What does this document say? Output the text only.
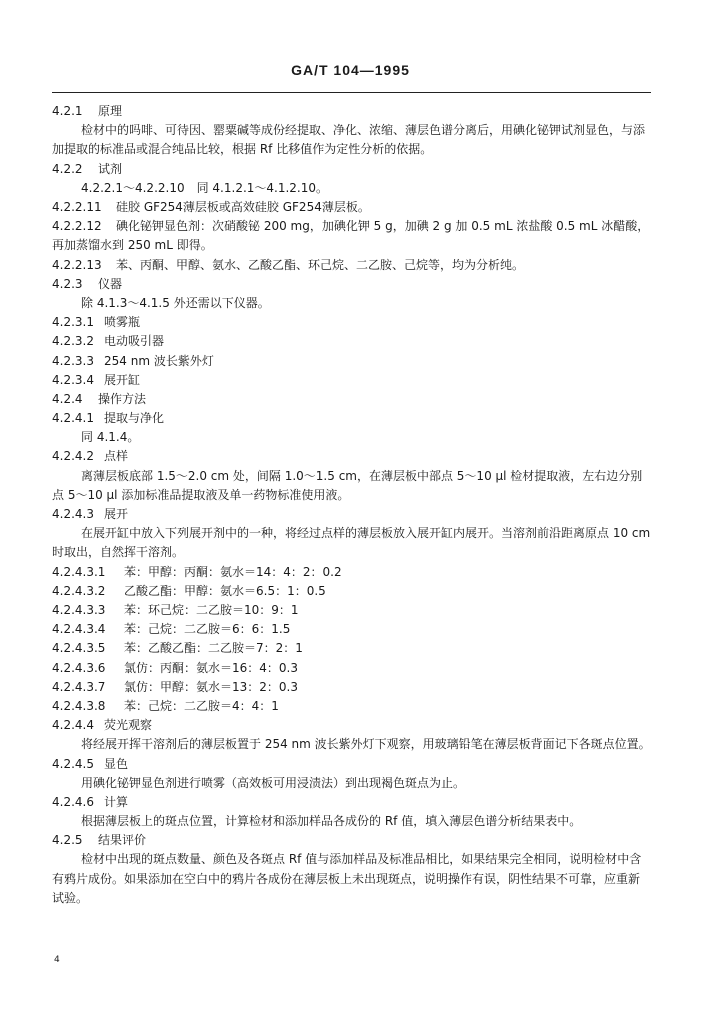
GA/T 104—1995
4.2.1 原理
检材中的吗啡、可待因、罂粟碱等成份经提取、净化、浓缩、薄层色谱分离后，用碘化铋钾试剂显色，与添加提取的标准品或混合纯品比较，根据 Rf 比移值作为定性分析的依据。
4.2.2 试剂
4.2.2.1～4.2.2.10　同 4.1.2.1～4.1.2.10。
4.2.2.11 硅胶 GF254薄层板或高效硅胶 GF254薄层板。
4.2.2.12 碘化铋钾显色剂：次硝酸铋 200 mg，加碘化钾 5 g，加碘 2 g 加 0.5 mL 浓盐酸 0.5 mL 冰醋酸，再加蒸馏水到 250 mL 即得。
4.2.2.13 苯、丙酮、甲醇、氨水、乙酸乙酯、环己烷、二乙胺、己烷等，均为分析纯。
4.2.3 仪器
除 4.1.3～4.1.5 外还需以下仪器。
4.2.3.1 喷雾瓶
4.2.3.2 电动吸引器
4.2.3.3 254 nm 波长紫外灯
4.2.3.4 展开缸
4.2.4 操作方法
4.2.4.1 提取与净化
同 4.1.4。
4.2.4.2 点样
离薄层板底部 1.5～2.0 cm 处，间隔 1.0～1.5 cm，在薄层板中部点 5～10 μl 检材提取液，左右边分别点 5～10 μl 添加标准品提取液及单一药物标准使用液。
4.2.4.3 展开
在展开缸中放入下列展开剂中的一种，将经过点样的薄层板放入展开缸内展开。当溶剂前沿距离原点 10 cm 时取出，自然挥干溶剂。
4.2.4.3.1 苯：甲醇：丙酮：氨水＝14：4：2：0.2
4.2.4.3.2 乙酸乙酯：甲醇：氨水＝6.5：1：0.5
4.2.4.3.3 苯：环己烷：二乙胺＝10：9：1
4.2.4.3.4 苯：己烷：二乙胺＝6：6：1.5
4.2.4.3.5 苯：乙酸乙酯：二乙胺＝7：2：1
4.2.4.3.6 氯仿：丙酮：氨水＝16：4：0.3
4.2.4.3.7 氯仿：甲醇：氨水＝13：2：0.3
4.2.4.3.8 苯：己烷：二乙胺＝4：4：1
4.2.4.4 荧光观察
将经展开挥干溶剂后的薄层板置于 254 nm 波长紫外灯下观察，用玻璃铅笔在薄层板背面记下各斑点位置。
4.2.4.5 显色
用碘化铋钾显色剂进行喷雾（高效板可用浸渍法）到出现褐色斑点为止。
4.2.4.6 计算
根据薄层板上的斑点位置，计算检材和添加样品各成份的 Rf 值，填入薄层色谱分析结果表中。
4.2.5 结果评价
检材中出现的斑点数量、颜色及各斑点 Rf 值与添加样品及标准品相比，如果结果完全相同，说明检材中含有鸦片成份。如果添加在空白中的鸦片各成份在薄层板上未出现斑点，说明操作有误，阴性结果不可靠，应重新试验。
4
